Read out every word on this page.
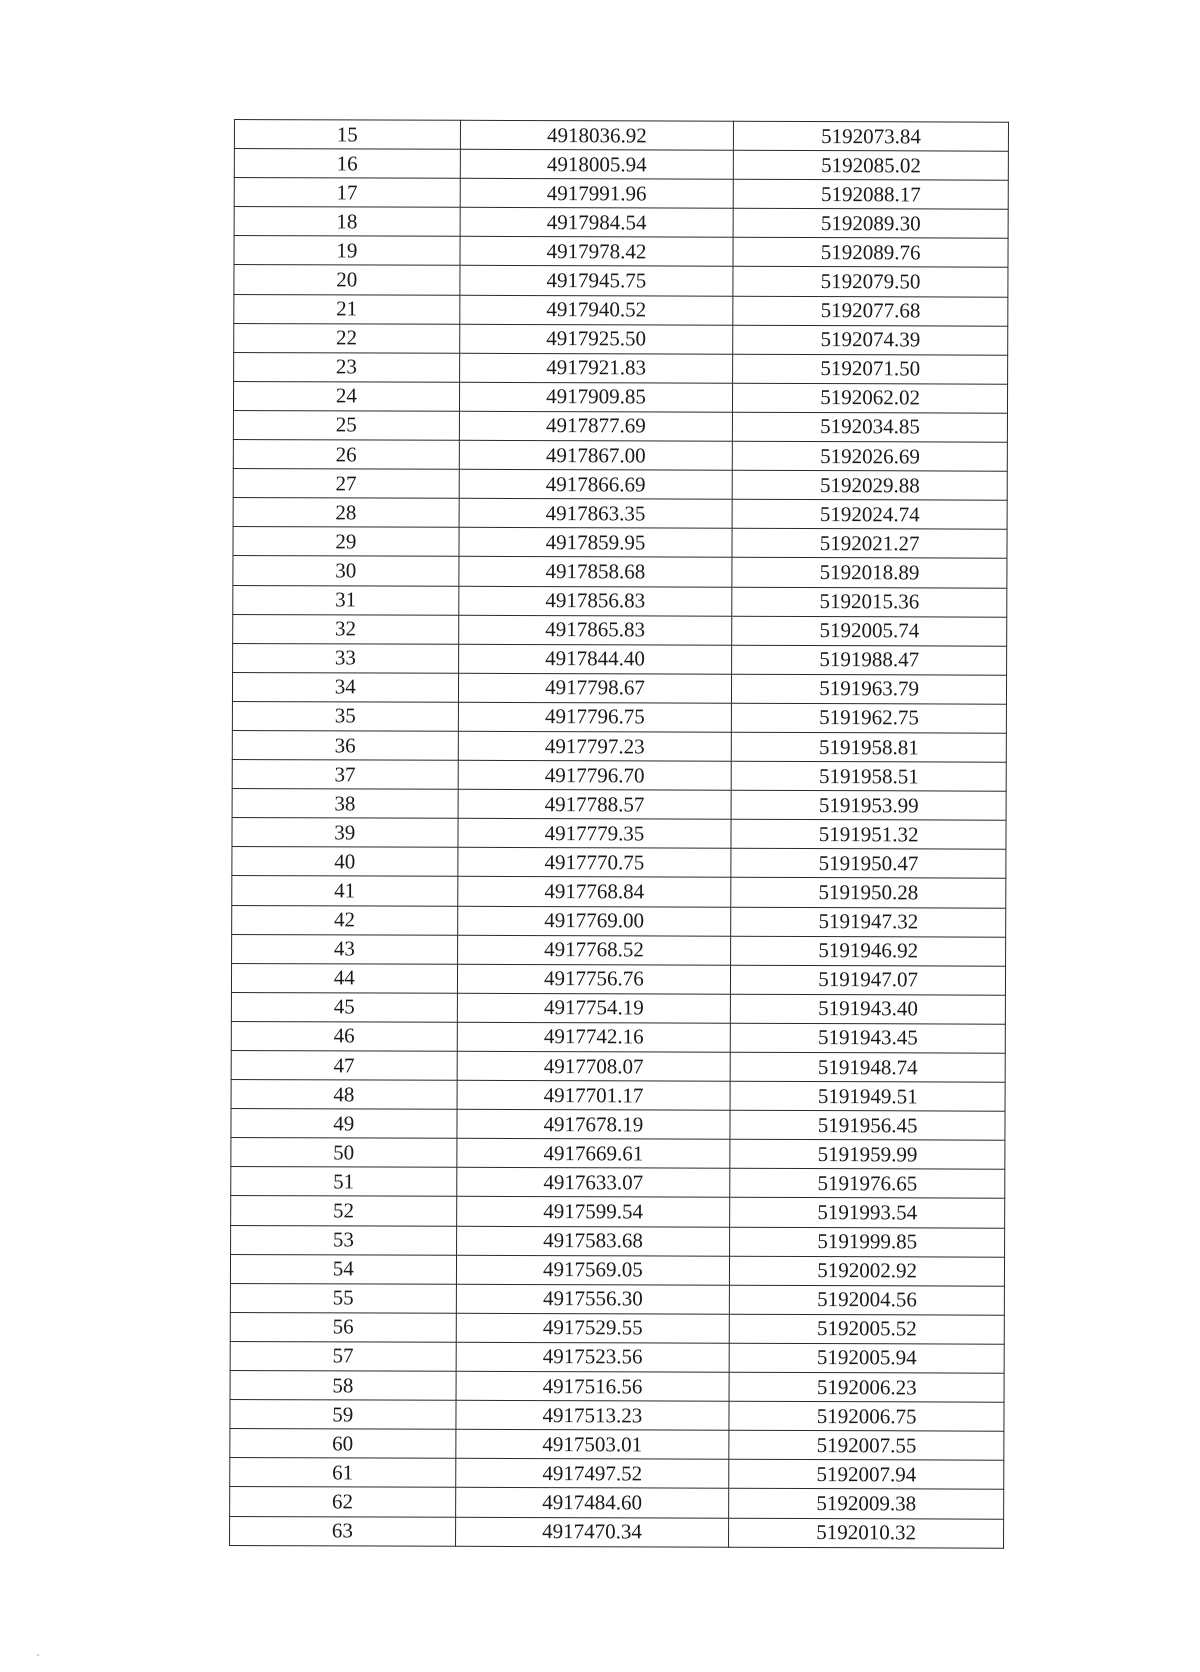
15	4918036.92	5192073.84
16	4918005.94	5192085.02
17	4917991.96	5192088.17
18	4917984.54	5192089.30
19	4917978.42	5192089.76
20	4917945.75	5192079.50
21	4917940.52	5192077.68
22	4917925.50	5192074.39
23	4917921.83	5192071.50
24	4917909.85	5192062.02
25	4917877.69	5192034.85
26	4917867.00	5192026.69
27	4917866.69	5192029.88
28	4917863.35	5192024.74
29	4917859.95	5192021.27
30	4917858.68	5192018.89
31	4917856.83	5192015.36
32	4917865.83	5192005.74
33	4917844.40	5191988.47
34	4917798.67	5191963.79
35	4917796.75	5191962.75
36	4917797.23	5191958.81
37	4917796.70	5191958.51
38	4917788.57	5191953.99
39	4917779.35	5191951.32
40	4917770.75	5191950.47
41	4917768.84	5191950.28
42	4917769.00	5191947.32
43	4917768.52	5191946.92
44	4917756.76	5191947.07
45	4917754.19	5191943.40
46	4917742.16	5191943.45
47	4917708.07	5191948.74
48	4917701.17	5191949.51
49	4917678.19	5191956.45
50	4917669.61	5191959.99
51	4917633.07	5191976.65
52	4917599.54	5191993.54
53	4917583.68	5191999.85
54	4917569.05	5192002.92
55	4917556.30	5192004.56
56	4917529.55	5192005.52
57	4917523.56	5192005.94
58	4917516.56	5192006.23
59	4917513.23	5192006.75
60	4917503.01	5192007.55
61	4917497.52	5192007.94
62	4917484.60	5192009.38
63	4917470.34	5192010.32
-
